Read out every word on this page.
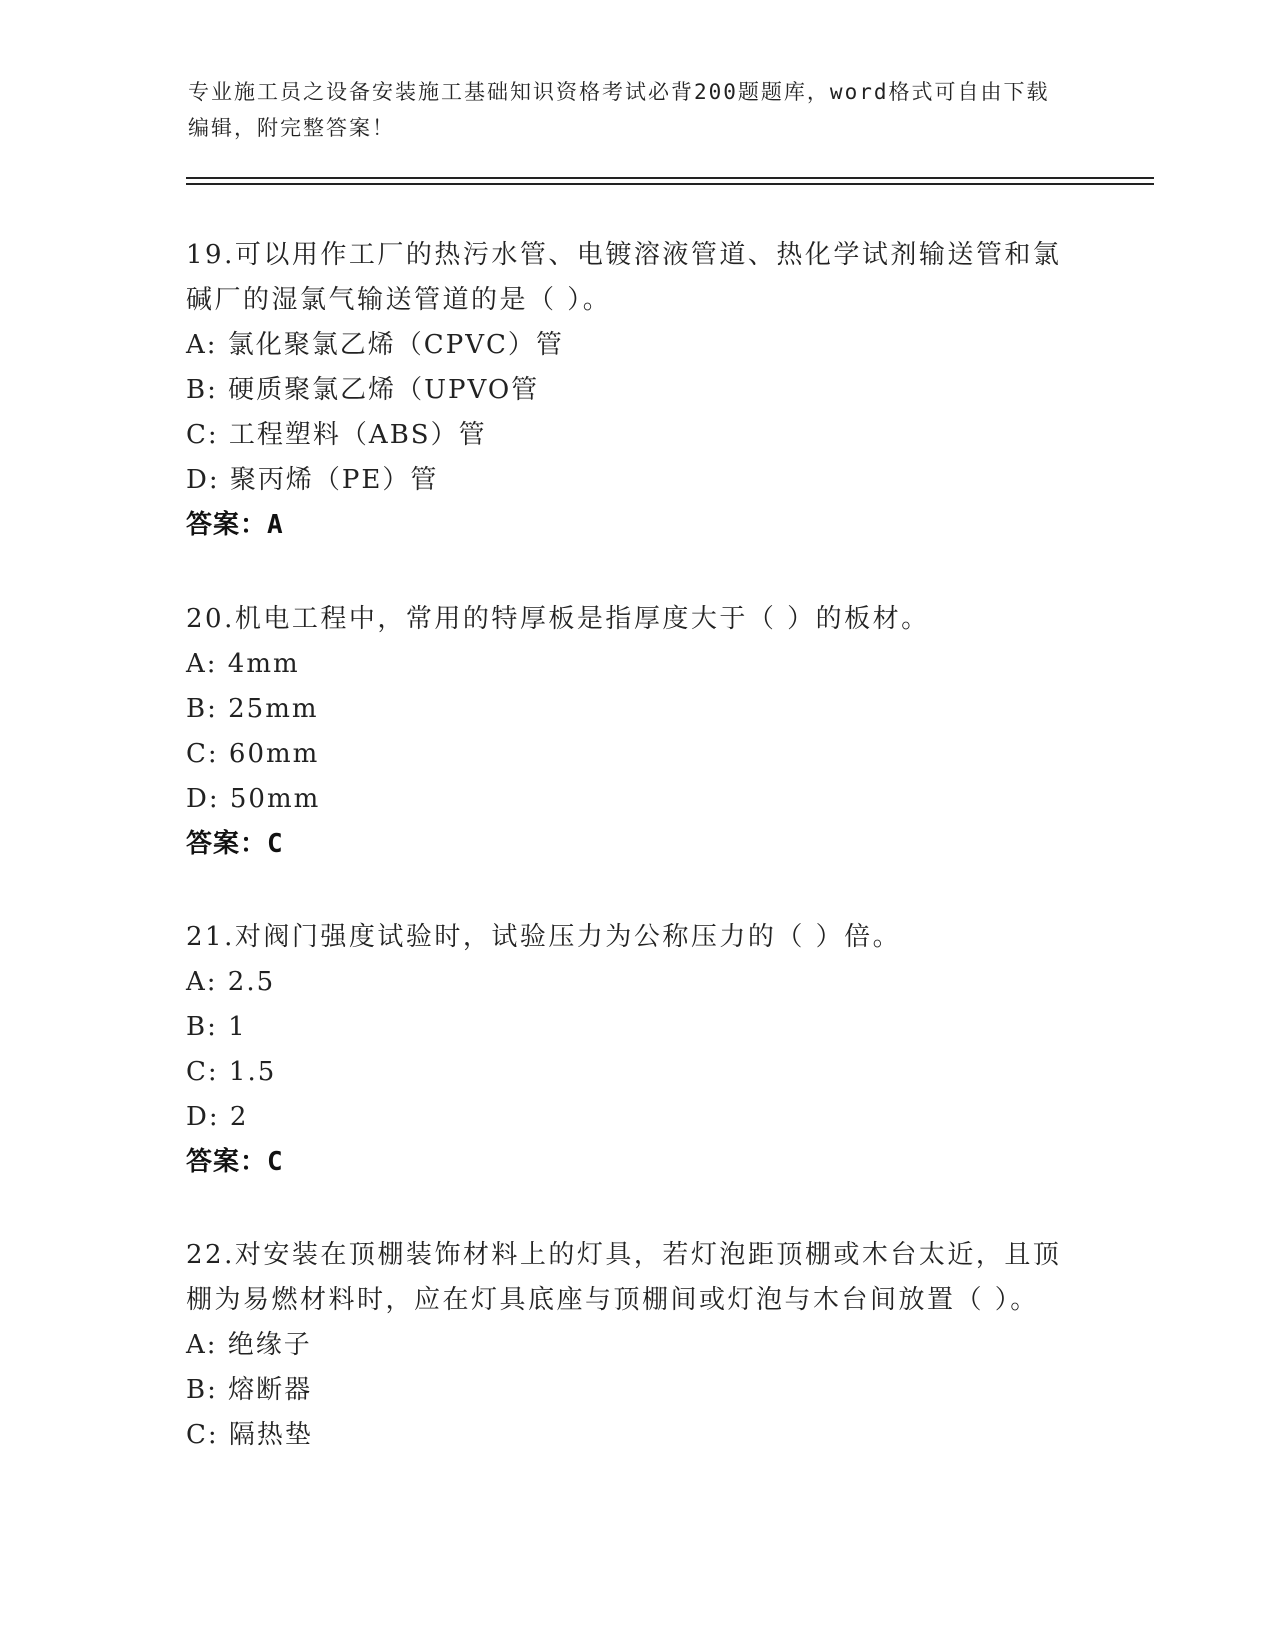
专业施工员之设备安装施工基础知识资格考试必背200题题库，word格式可自由下载编辑，附完整答案！
19.可以用作工厂的热污水管、电镀溶液管道、热化学试剂输送管和氯碱厂的湿氯气输送管道的是（ ）。
A: 氯化聚氯乙烯（CPVC）管
B: 硬质聚氯乙烯（UPVO管
C: 工程塑料（ABS）管
D: 聚丙烯（PE）管
答案：A
20.机电工程中，常用的特厚板是指厚度大于（ ）的板材。
A: 4mm
B: 25mm
C: 60mm
D: 50mm
答案：C
21.对阀门强度试验时，试验压力为公称压力的（ ）倍。
A: 2.5
B: 1
C: 1.5
D: 2
答案：C
22.对安装在顶棚装饰材料上的灯具，若灯泡距顶棚或木台太近，且顶棚为易燃材料时，应在灯具底座与顶棚间或灯泡与木台间放置（ ）。
A: 绝缘子
B: 熔断器
C: 隔热垫
